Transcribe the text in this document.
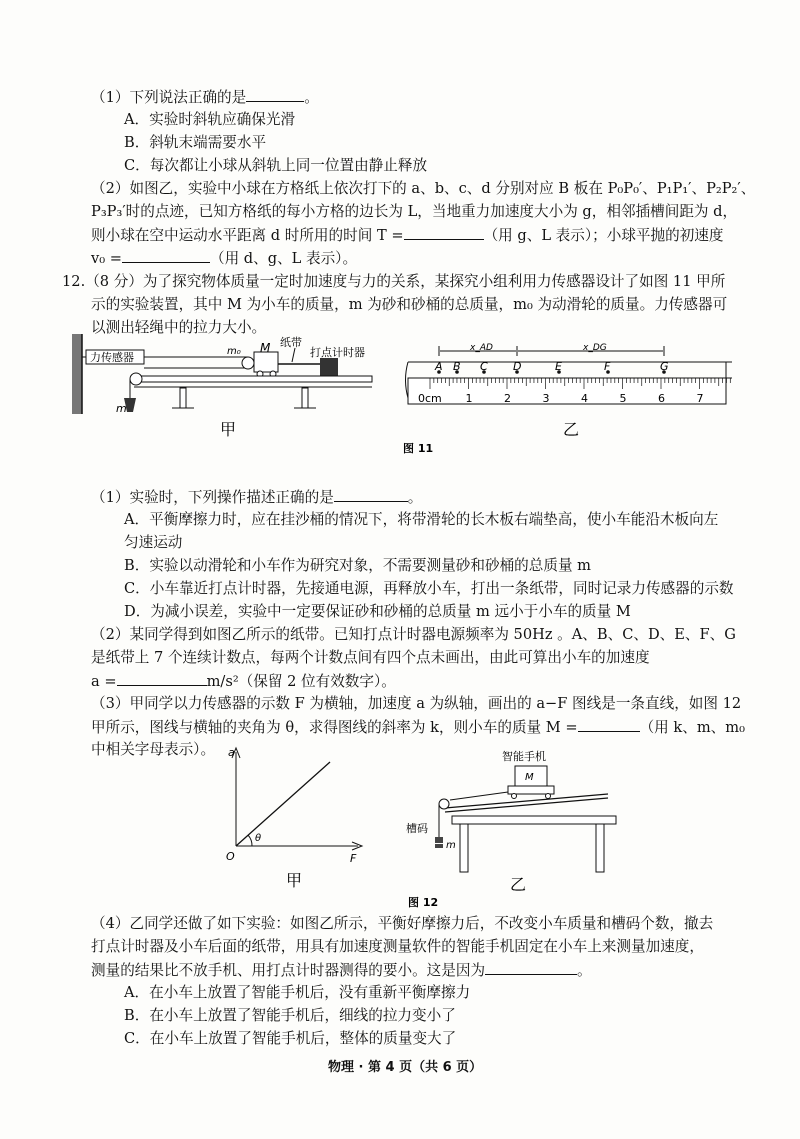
（1）下列说法正确的是	。
A．实验时斜轨应确保光滑
B．斜轨末端需要水平
C．每次都让小球从斜轨上同一位置由静止释放
（2）如图乙，实验中小球在方格纸上依次打下的 a、b、c、d 分别对应 B 板在 P₀P₀′、P₁P₁′、P₂P₂′、
P₃P₃′时的点迹，已知方格纸的每小方格的边长为 L，当地重力加速度大小为 g，相邻插槽间距为 d，
则小球在空中运动水平距离 d 时所用的时间 T =	（用 g、L 表示）；小球平抛的初速度
v₀ =	（用 d、g、L 表示）。
12.（8 分）为了探究物体质量一定时加速度与力的关系，某探究小组利用力传感器设计了如图 11 甲所
示的实验装置，其中 M 为小车的质量，m 为砂和砂桶的总质量，m₀ 为动滑轮的质量。力传感器可
以测出轻绳中的拉力大小。
力传感器	m₀ M 纸带
打点计时器
m
0cm 1	2	3	4	5	6	7
A B C D	E	F	G
x_AD	x_DG
甲	乙
图 11
（1）实验时，下列操作描述正确的是	。
A．平衡摩擦力时，应在挂沙桶的情况下，将带滑轮的长木板右端垫高，使小车能沿木板向左
匀速运动
B．实验以动滑轮和小车作为研究对象，不需要测量砂和砂桶的总质量 m
C．小车靠近打点计时器，先接通电源，再释放小车，打出一条纸带，同时记录力传感器的示数
D．为减小误差，实验中一定要保证砂和砂桶的总质量 m 远小于小车的质量 M
（2）某同学得到如图乙所示的纸带。已知打点计时器电源频率为 50Hz 。A、B、C、D、E、F、G
是纸带上 7 个连续计数点，每两个计数点间有四个点未画出，由此可算出小车的加速度
a =	m/s²（保留 2 位有效数字）。
（3）甲同学以力传感器的示数 F 为横轴，加速度 a 为纵轴，画出的 a−F 图线是一条直线，如图 12
甲所示，图线与横轴的夹角为 θ，求得图线的斜率为 k，则小车的质量 M =	（用 k、m、m₀
中相关字母表示）。 a
F
O
θ
智能手机
M
槽码
m
甲	乙
图 12
（4）乙同学还做了如下实验：如图乙所示，平衡好摩擦力后，不改变小车质量和槽码个数，撤去
打点计时器及小车后面的纸带，用具有加速度测量软件的智能手机固定在小车上来测量加速度，
测量的结果比不放手机、用打点计时器测得的要小。这是因为	。
A．在小车上放置了智能手机后，没有重新平衡摩擦力
B．在小车上放置了智能手机后，细线的拉力变小了
C．在小车上放置了智能手机后，整体的质量变大了
物理 · 第 4 页（共 6 页）
